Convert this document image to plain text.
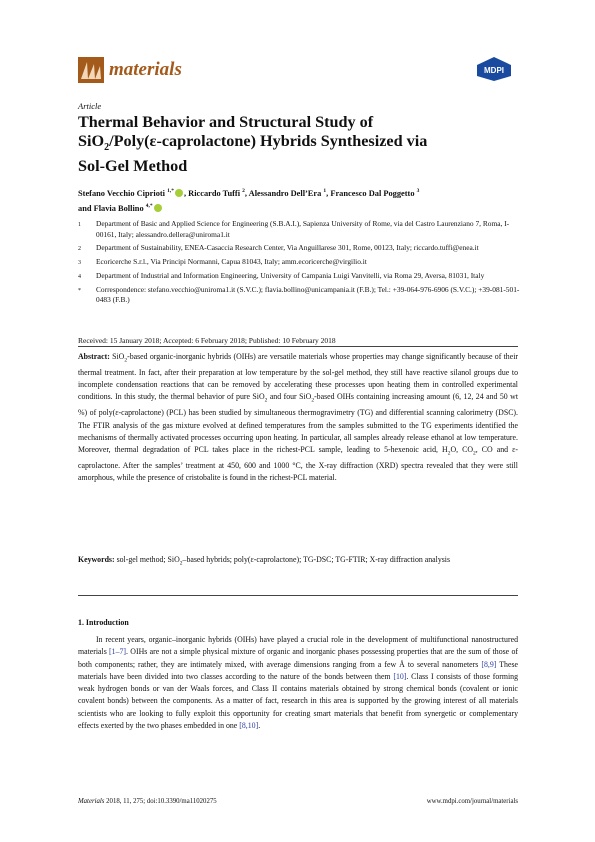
materials	MDPI
Article
Thermal Behavior and Structural Study of
SiO$_2$/Poly(ε-caprolactone) Hybrids Synthesized via
Sol-Gel Method
Stefano Vecchio Ciprioti $^{1,*}$ , Riccardo Tuffi $^2$, Alessandro Dell’Era $^1$, Francesco Dal Poggetto $^3$
and Flavia Bollino $^{4,*}$
1	Department of Basic and Applied Science for Engineering (S.B.A.I.), Sapienza University of Rome, via del Castro Laurenziano 7, Roma, I-00161, Italy; alessandro.dellera@uniroma1.it
2	Department of Sustainability, ENEA-Casaccia Research Center, Via Anguillarese 301, Rome, 00123, Italy; riccardo.tuffi@enea.it
3	Ecoricerche S.r.l., Via Principi Normanni, Capua 81043, Italy; amm.ecoricerche@virgilio.it
4	Department of Industrial and Information Engineering, University of Campania Luigi Vanvitelli, via Roma 29, Aversa, 81031, Italy
*	Correspondence: stefano.vecchio@uniroma1.it (S.V.C.); flavia.bollino@unicampania.it (F.B.); Tel.: +39-064-976-6906 (S.V.C.); +39-081-501-0483 (F.B.)
Received: 15 January 2018; Accepted: 6 February 2018; Published: 10 February 2018
Abstract: SiO$_2$-based organic-inorganic hybrids (OIHs) are versatile materials whose properties may change significantly because of their thermal treatment. In fact, after their preparation at low temperature by the sol-gel method, they still have reactive silanol groups due to incomplete condensation reactions that can be removed by accelerating these processes upon heating them in controlled experimental conditions. In this study, the thermal behavior of pure SiO$_2$ and four SiO$_2$-based OIHs containing increasing amount (6, 12, 24 and 50 wt %) of poly(ε-caprolactone) (PCL) has been studied by simultaneous thermogravimetry (TG) and differential scanning calorimetry (DSC). The FTIR analysis of the gas mixture evolved at defined temperatures from the samples submitted to the TG experiments identified the mechanisms of thermally activated processes occurring upon heating. In particular, all samples already release ethanol at low temperature. Moreover, thermal degradation of PCL takes place in the richest-PCL sample, leading to 5-hexenoic acid, $H_2O$, $CO_2$, CO and ε-caprolactone. After the samples’ treatment at 450, 600 and 1000 °C, the X-ray diffraction (XRD) spectra revealed that they were still amorphous, while the presence of cristobalite is found in the richest-PCL material.
Keywords: sol-gel method; SiO$_2$–based hybrids; poly(ε-caprolactone); TG-DSC; TG-FTIR; X-ray diffraction analysis
1. Introduction

In recent years, organic–inorganic hybrids (OIHs) have played a crucial role in the development of multifunctional nanostructured materials [1–7]. OIHs are not a simple physical mixture of organic and inorganic phases possessing properties that are the sum of those of both components; rather, they are intimately mixed, with average dimensions ranging from a few Å to several nanometers [8,9] These materials have been divided into two classes according to the nature of the bonds between them [10]. Class I consists of those forming weak hydrogen bonds or van der Waals forces, and Class II contains materials obtained by strong chemical bonds (covalent or ionic covalent bonds) between the components. As a matter of fact, research in this area is supported by the growing interest of all materials scientists who are looking to fully exploit this opportunity for creating smart materials that benefit from synergetic or complementary effects exerted by the two phases embedded in one [8,10].

Materials 2018, 11, 275; doi:10.3390/ma11020275	www.mdpi.com/journal/materials
